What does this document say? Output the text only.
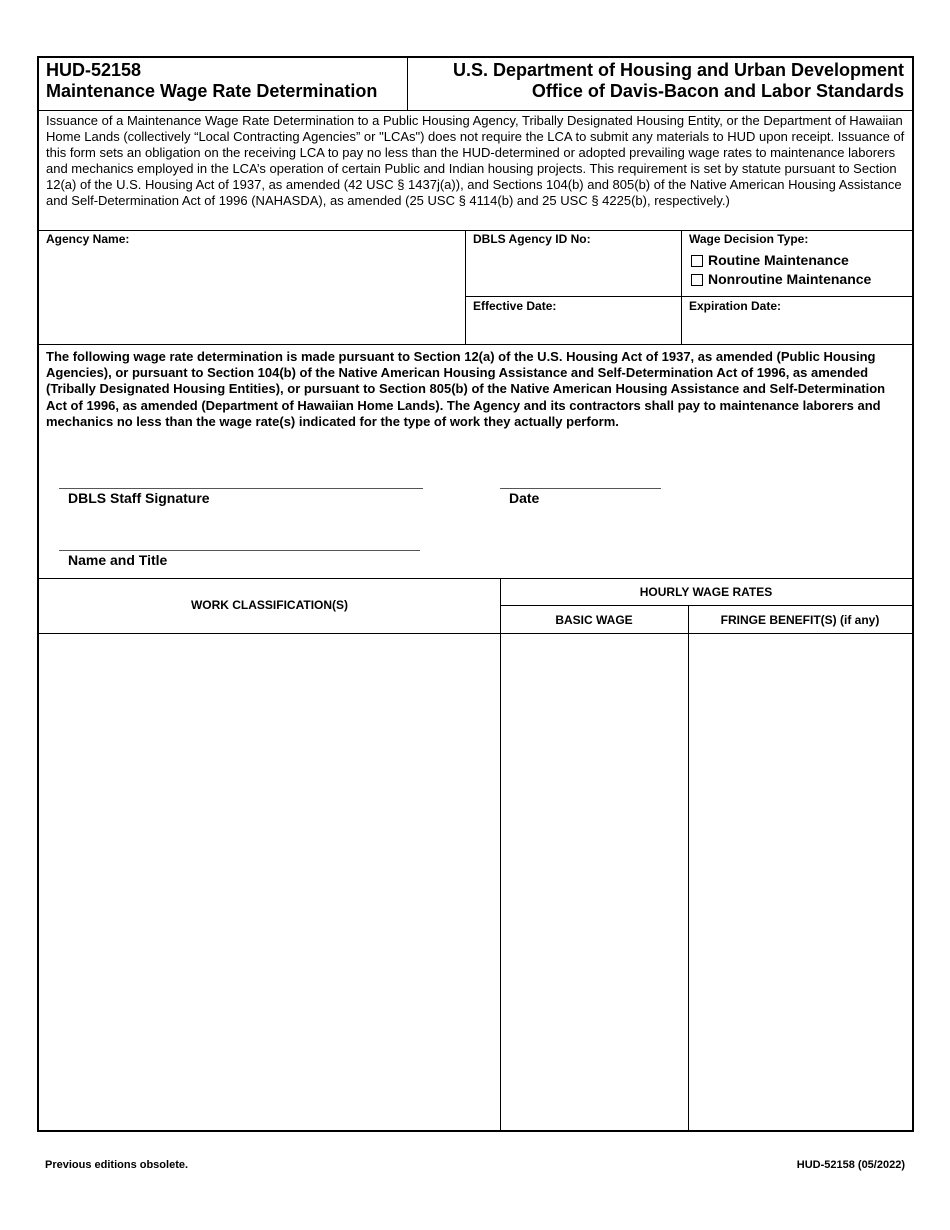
HUD-52158
Maintenance Wage Rate Determination
U.S. Department of Housing and Urban Development
Office of Davis-Bacon and Labor Standards
Issuance of a Maintenance Wage Rate Determination to a Public Housing Agency, Tribally Designated Housing Entity, or the Department of Hawaiian Home Lands (collectively “Local Contracting Agencies” or "LCAs") does not require the LCA to submit any materials to HUD upon receipt. Issuance of this form sets an obligation on the receiving LCA to pay no less than the HUD-determined or adopted prevailing wage rates to maintenance laborers and mechanics employed in the LCA’s operation of certain Public and Indian housing projects. This requirement is set by statute pursuant to Section 12(a) of the U.S. Housing Act of 1937, as amended (42 USC § 1437j(a)), and Sections 104(b) and 805(b) of the Native American Housing Assistance and Self-Determination Act of 1996 (NAHASDA), as amended (25 USC § 4114(b) and 25 USC § 4225(b), respectively.)
Agency Name:	DBLS Agency ID No:	Wage Decision Type:
Routine Maintenance
Nonroutine Maintenance
Effective Date:	Expiration Date:
The following wage rate determination is made pursuant to Section 12(a) of the U.S. Housing Act of 1937, as amended (Public Housing Agencies), or pursuant to Section 104(b) of the Native American Housing Assistance and Self-Determination Act of 1996, as amended (Tribally Designated Housing Entities), or pursuant to Section 805(b) of the Native American Housing Assistance and Self-Determination Act of 1996, as amended (Department of Hawaiian Home Lands). The Agency and its contractors shall pay to maintenance laborers and mechanics no less than the wage rate(s) indicated for the type of work they actually perform.
DBLS Staff Signature	Date
Name and Title
WORK CLASSIFICATION(S)
HOURLY WAGE RATES
BASIC WAGE	FRINGE BENEFIT(S) (if any)
Previous editions obsolete.	HUD-52158 (05/2022)
